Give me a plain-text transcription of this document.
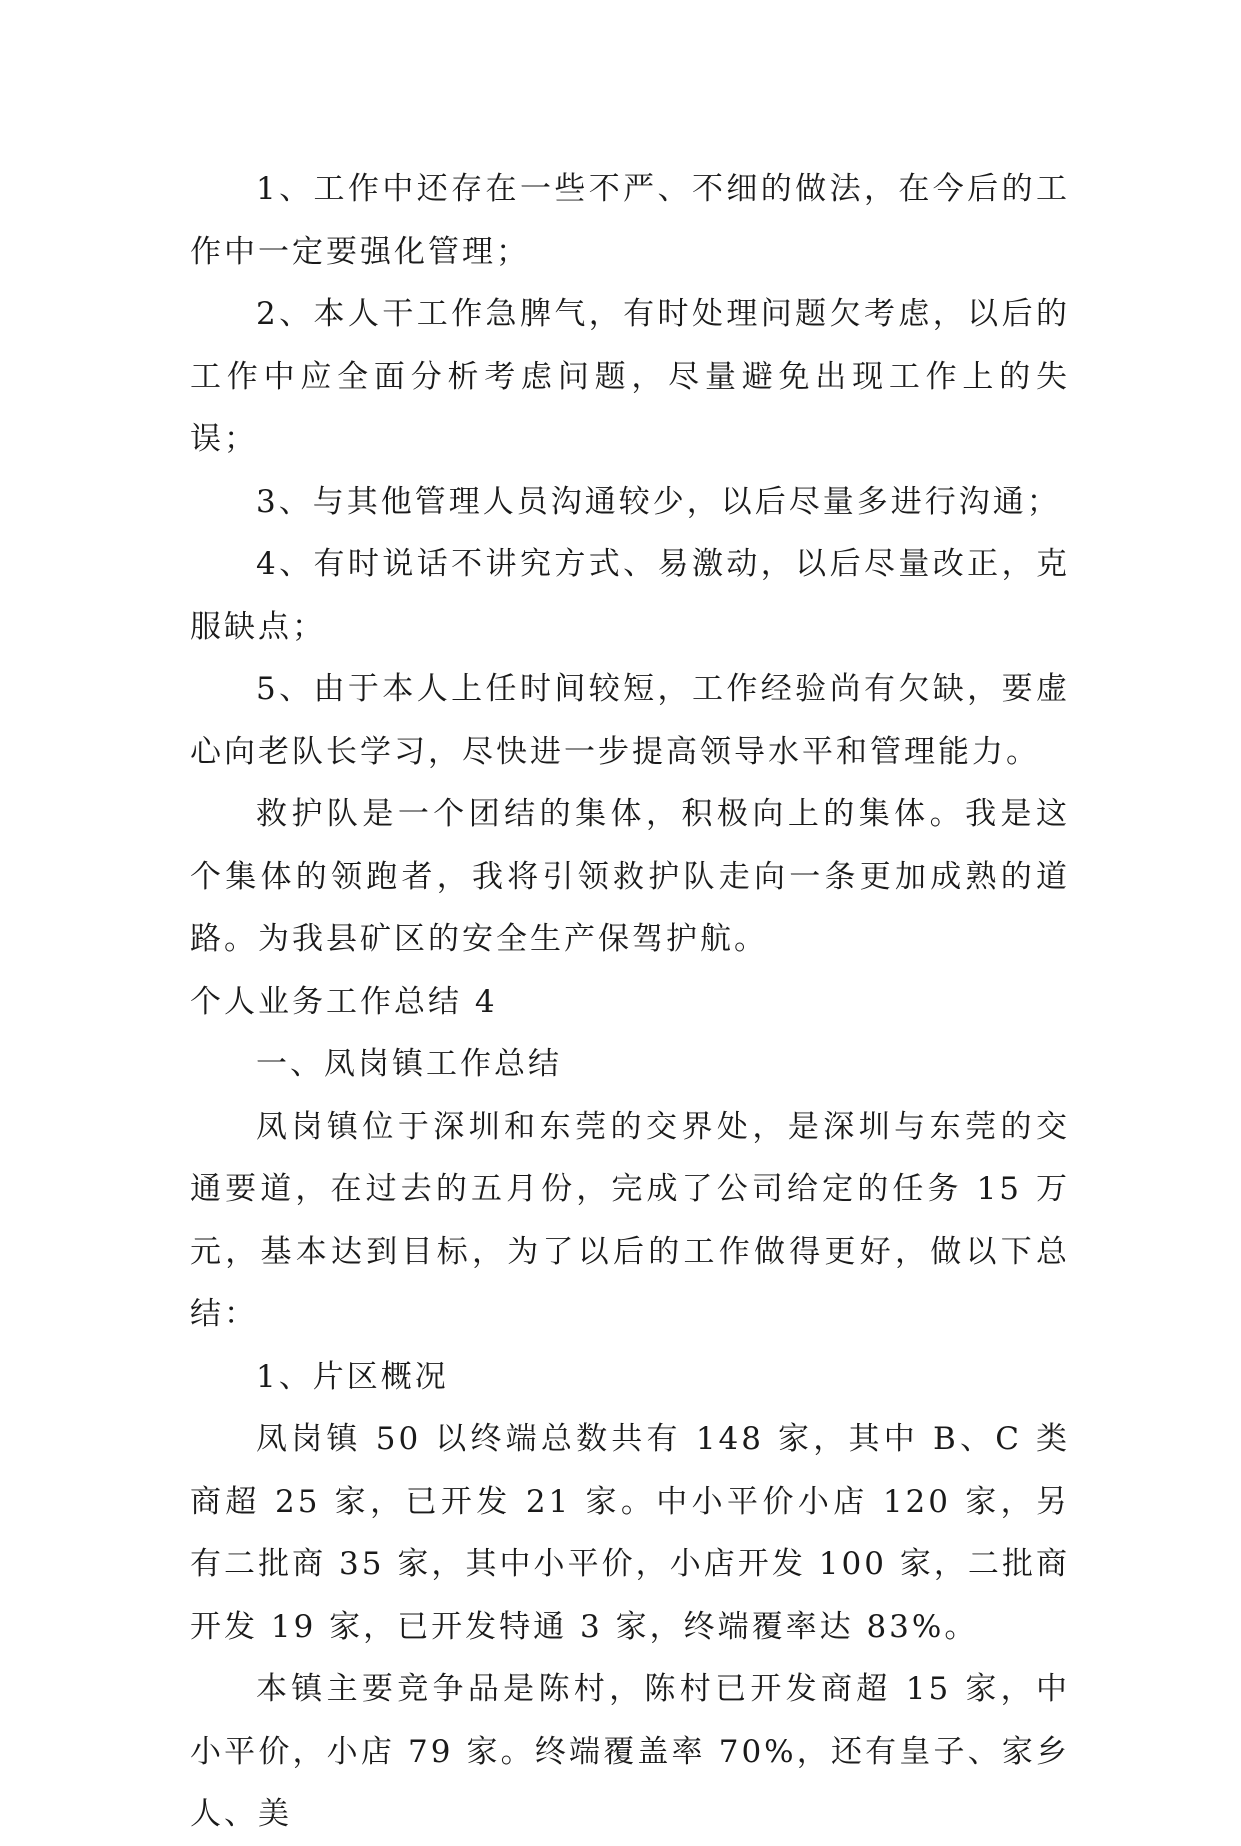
1、工作中还存在一些不严、不细的做法，在今后的工作中一定要强化管理；

2、本人干工作急脾气，有时处理问题欠考虑，以后的工作中应全面分析考虑问题，尽量避免出现工作上的失误；

3、与其他管理人员沟通较少，以后尽量多进行沟通；

4、有时说话不讲究方式、易激动，以后尽量改正，克服缺点；

5、由于本人上任时间较短，工作经验尚有欠缺，要虚心向老队长学习，尽快进一步提高领导水平和管理能力。

救护队是一个团结的集体，积极向上的集体。我是这个集体的领跑者，我将引领救护队走向一条更加成熟的道路。为我县矿区的安全生产保驾护航。

个人业务工作总结 4

一、凤岗镇工作总结

凤岗镇位于深圳和东莞的交界处，是深圳与东莞的交通要道，在过去的五月份，完成了公司给定的任务 15 万元，基本达到目标，为了以后的工作做得更好，做以下总结：

1、片区概况

凤岗镇 50 以终端总数共有 148 家，其中 B、C 类商超 25 家，已开发 21 家。中小平价小店 120 家，另有二批商 35 家，其中小平价，小店开发 100 家，二批商开发 19 家，已开发特通 3 家，终端覆率达 83%。

本镇主要竞争品是陈村，陈村已开发商超 15 家，中小平价，小店 79 家。终端覆盖率 70%，还有皇子、家乡人、美
